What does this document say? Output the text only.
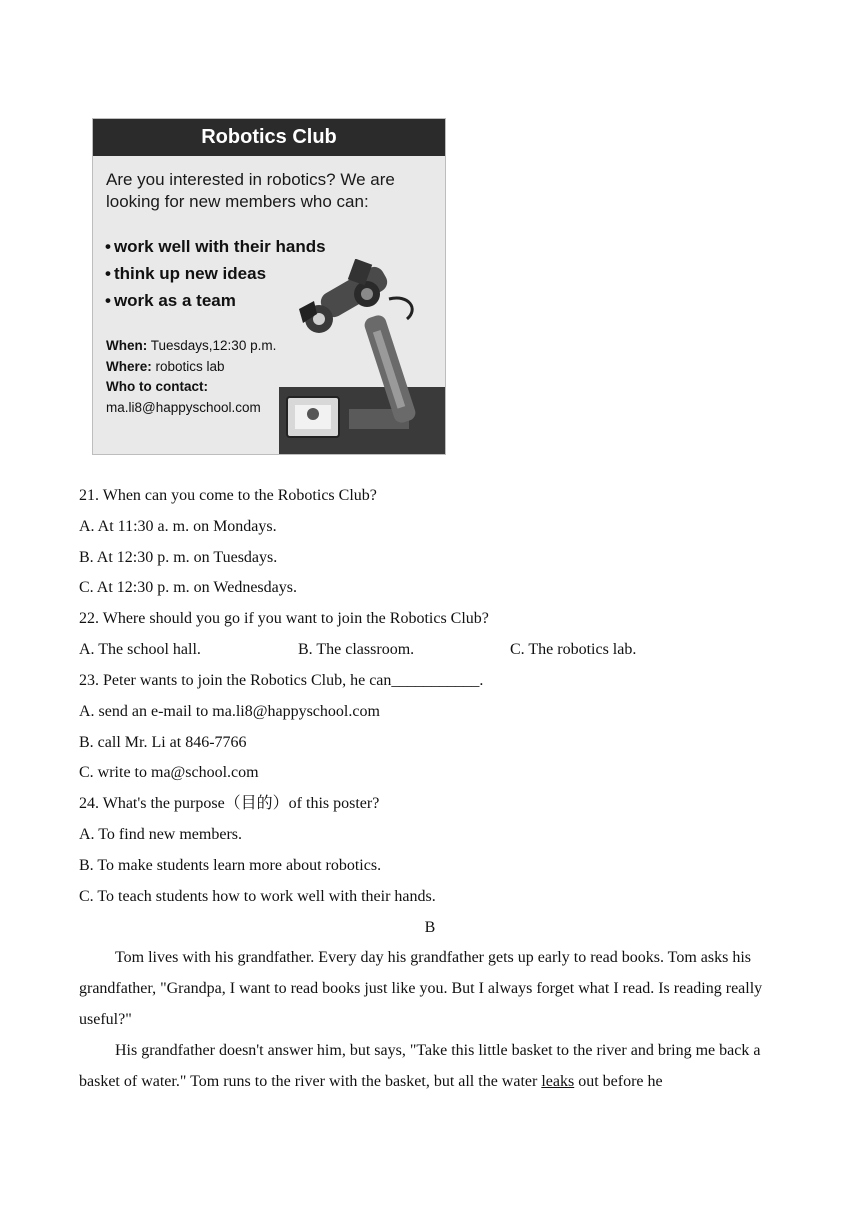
Robotics Club
Are you interested in robotics? We are looking for new members who can:
• work well with their hands
• think up new ideas
• work as a team
When: Tuesdays,12:30 p.m.
Where: robotics lab
Who to contact:
ma.li8@happyschool.com
21. When can you come to the Robotics Club?
A. At 11:30 a. m. on Mondays.
B. At 12:30 p. m. on Tuesdays.
C. At 12:30 p. m. on Wednesdays.
22. Where should you go if you want to join the Robotics Club?
A. The school hall.	B. The classroom.	C. The robotics lab.
23. Peter wants to join the Robotics Club, he can___________.
A. send an e-mail to ma.li8@happyschool.com
B. call Mr. Li at 846-7766
C. write to ma@school.com
24. What's the purpose（目的）of this poster?
A. To find new members.
B. To make students learn more about robotics.
C. To teach students how to work well with their hands.
B
Tom lives with his grandfather. Every day his grandfather gets up early to read books. Tom asks his grandfather, "Grandpa, I want to read books just like you. But I always forget what I read. Is reading really useful?"
His grandfather doesn't answer him, but says, "Take this little basket to the river and bring me back a basket of water." Tom runs to the river with the basket, but all the water leaks out before he
